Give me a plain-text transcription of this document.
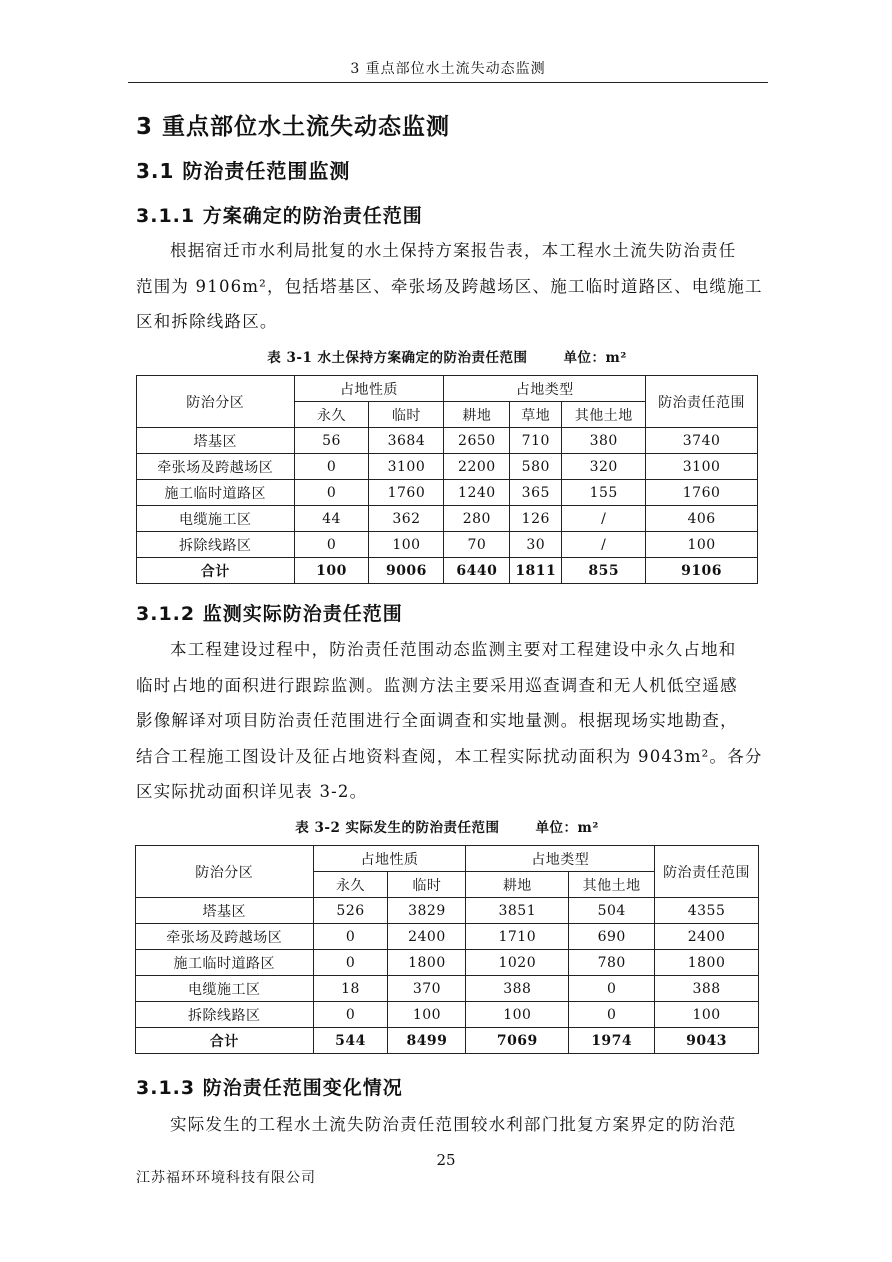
3 重点部位水土流失动态监测
3 重点部位水土流失动态监测
3.1 防治责任范围监测
3.1.1 方案确定的防治责任范围
根据宿迁市水利局批复的水土保持方案报告表，本工程水土流失防治责任
范围为 9106m²，包括塔基区、牵张场及跨越场区、施工临时道路区、电缆施工
区和拆除线路区。
表 3-1 水土保持方案确定的防治责任范围	单位：m²
防治分区	占地性质		占地类型			防治责任范围
	永久	临时	耕地	草地	其他土地	
塔基区	56	3684	2650	710	380	3740
牵张场及跨越场区	0	3100	2200	580	320	3100
施工临时道路区	0	1760	1240	365	155	1760
电缆施工区	44	362	280	126	/	406
拆除线路区	0	100	70	30	/	100
合计	100	9006	6440	1811	855	9106
3.1.2 监测实际防治责任范围
本工程建设过程中，防治责任范围动态监测主要对工程建设中永久占地和
临时占地的面积进行跟踪监测。监测方法主要采用巡查调查和无人机低空遥感
影像解译对项目防治责任范围进行全面调查和实地量测。根据现场实地勘查，
结合工程施工图设计及征占地资料查阅，本工程实际扰动面积为 9043m²。各分
区实际扰动面积详见表 3-2。
表 3-2 实际发生的防治责任范围	单位：m²
防治分区	占地性质		占地类型		防治责任范围
	永久	临时	耕地	其他土地	
塔基区	526	3829	3851	504	4355
牵张场及跨越场区	0	2400	1710	690	2400
施工临时道路区	0	1800	1020	780	1800
电缆施工区	18	370	388	0	388
拆除线路区	0	100	100	0	100
合计	544	8499	7069	1974	9043
3.1.3 防治责任范围变化情况
实际发生的工程水土流失防治责任范围较水利部门批复方案界定的防治范
25
江苏福环环境科技有限公司
